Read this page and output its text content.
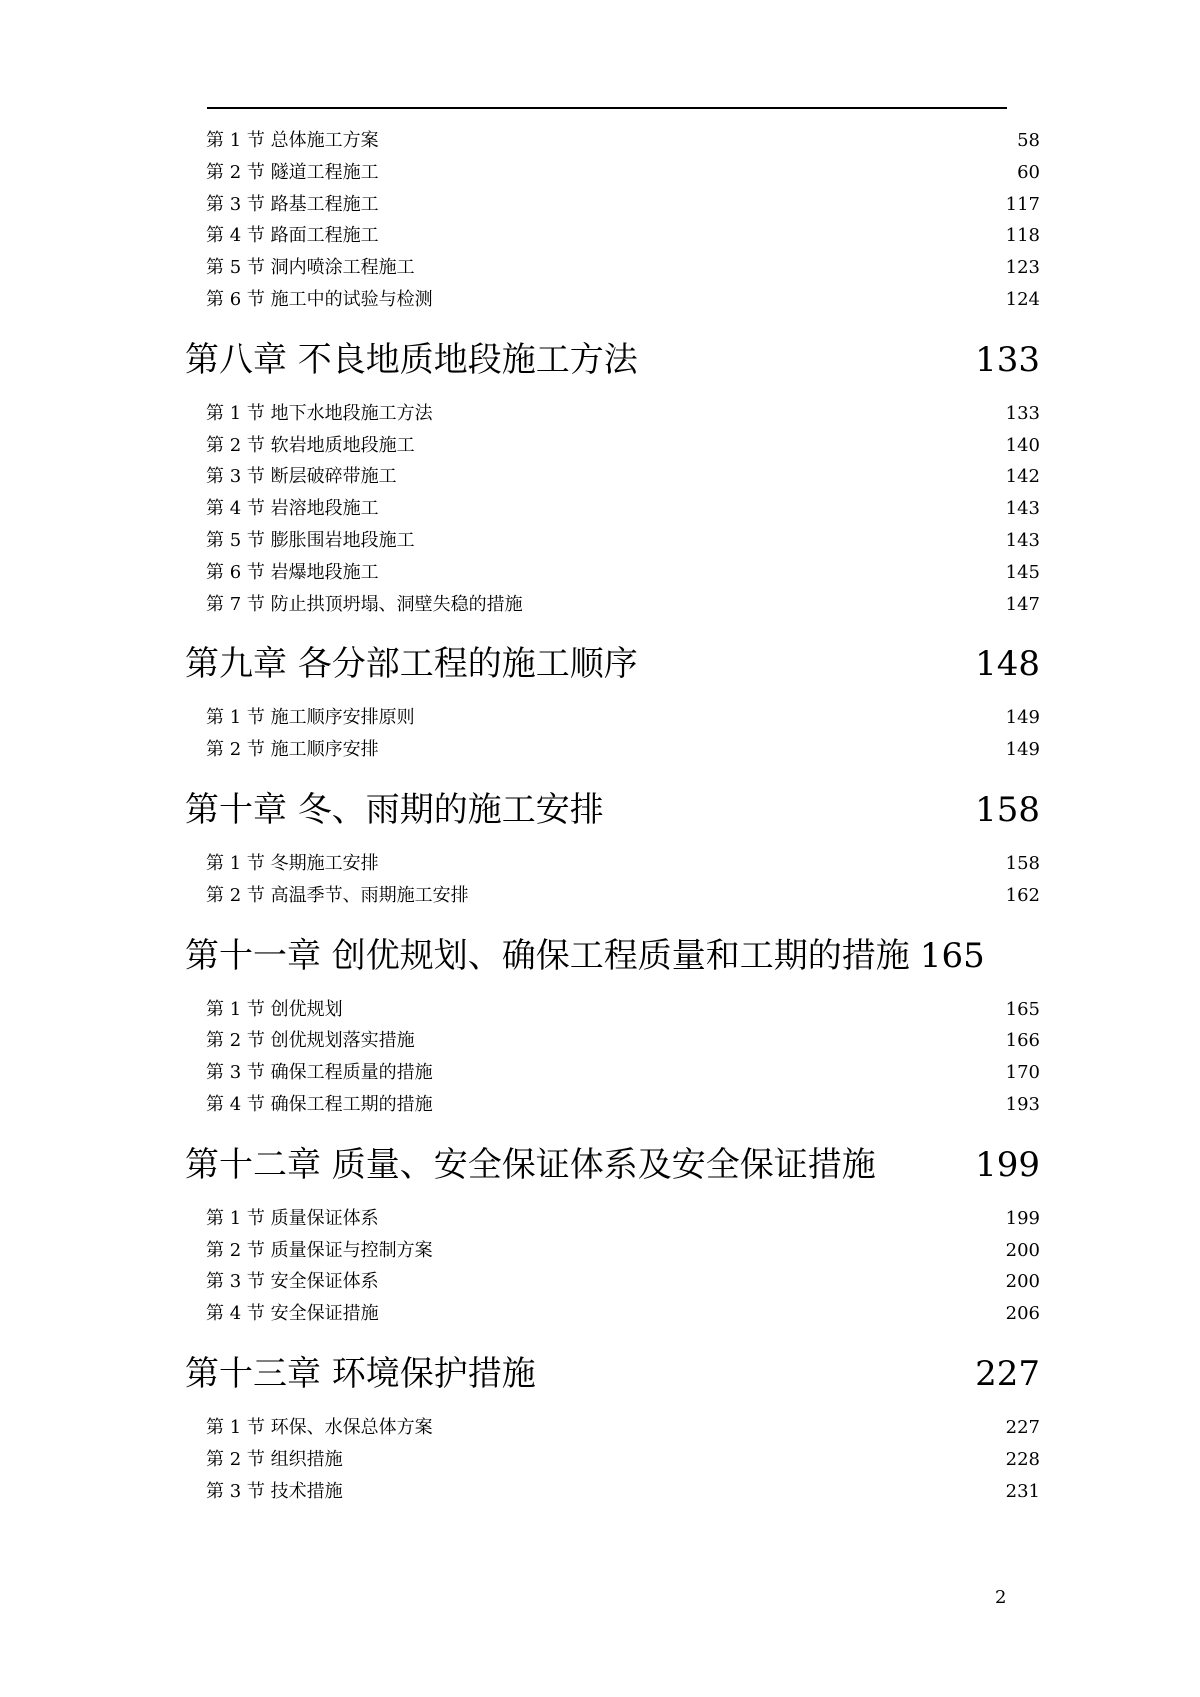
第 1 节 总体施工方案 .....	58
第 2 节 隧道工程施工 .....	60
第 3 节 路基工程施工 .....	117
第 4 节 路面工程施工 .....	118
第 5 节 洞内喷涂工程施工 .....	123
第 6 节 施工中的试验与检测 .....	124
第八章 不良地质地段施工方法 .....	133
第 1 节 地下水地段施工方法 .....	133
第 2 节 软岩地质地段施工 .....	140
第 3 节 断层破碎带施工 .....	142
第 4 节 岩溶地段施工 .....	143
第 5 节 膨胀围岩地段施工 .....	143
第 6 节 岩爆地段施工 .....	145
第 7 节 防止拱顶坍塌、洞壁失稳的措施 .....	147
第九章 各分部工程的施工顺序 .....	148
第 1 节 施工顺序安排原则 .....	149
第 2 节 施工顺序安排 .....	149
第十章 冬、雨期的施工安排 .....	158
第 1 节 冬期施工安排 .....	158
第 2 节 高温季节、雨期施工安排 .....	162
第十一章 创优规划、确保工程质量和工期的措施 165
第 1 节 创优规划 .....	165
第 2 节 创优规划落实措施 .....	166
第 3 节 确保工程质量的措施 .....	170
第 4 节 确保工程工期的措施 .....	193
第十二章 质量、安全保证体系及安全保证措施 .....	199
第 1 节 质量保证体系 .....	199
第 2 节 质量保证与控制方案 .....	200
第 3 节 安全保证体系 .....	200
第 4 节 安全保证措施 .....	206
第十三章 环境保护措施 .....	227
第 1 节 环保、水保总体方案 .....	227
第 2 节 组织措施 .....	228
第 3 节 技术措施 .....	231
2
